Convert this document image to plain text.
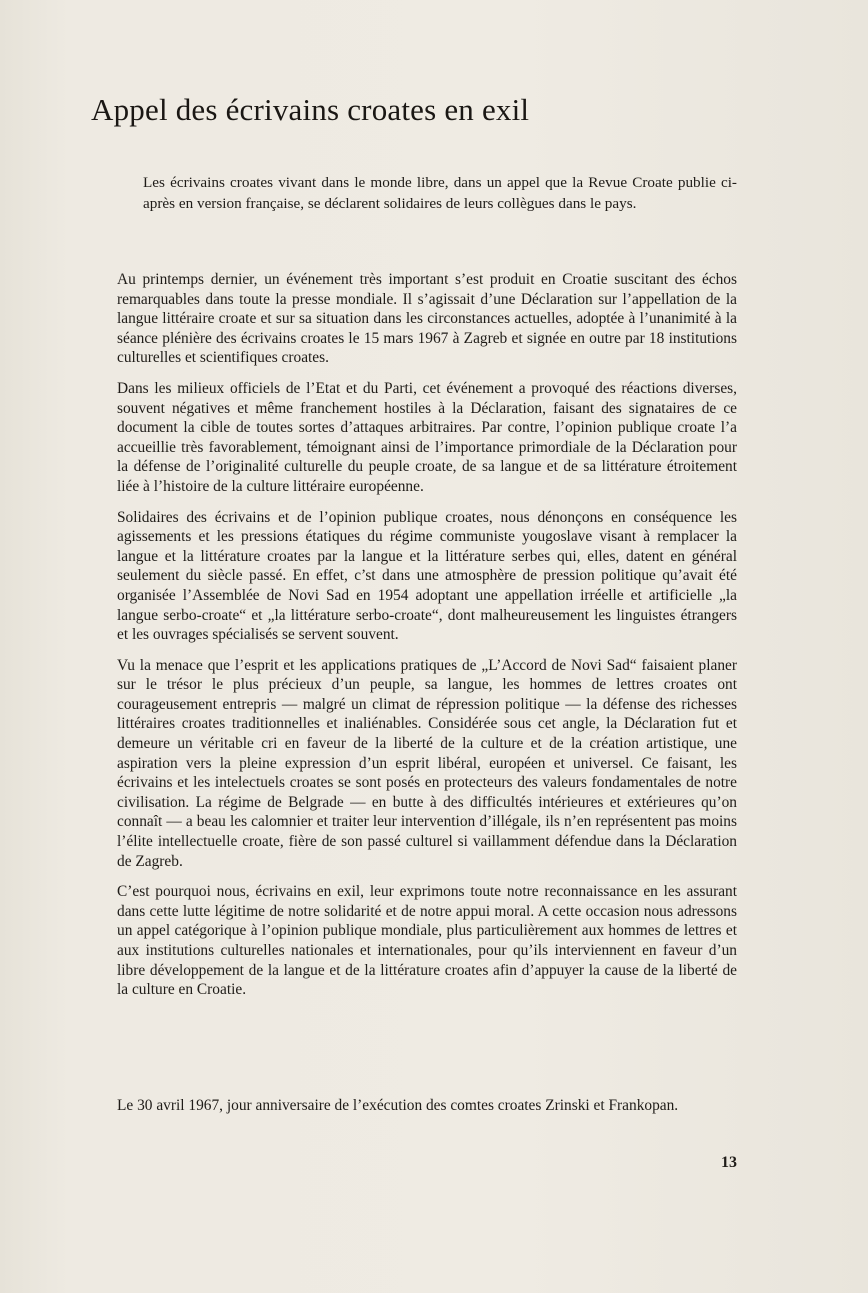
Appel des écrivains croates en exil

Les écrivains croates vivant dans le monde libre, dans un appel que la Revue Croate publie ci-après en version française, se déclarent solidaires de leurs collègues dans le pays.

Au printemps dernier, un événement très important s’est produit en Croatie suscitant des échos remarquables dans toute la presse mondiale. Il s’agissait d’une Déclaration sur l’appellation de la langue littéraire croate et sur sa situation dans les circonstances actuelles, adoptée à l’unanimité à la séance plénière des écrivains croates le 15 mars 1967 à Zagreb et signée en outre par 18 institutions culturelles et scientifiques croates.

Dans les milieux officiels de l’Etat et du Parti, cet événement a provoqué des réactions diverses, souvent négatives et même franchement hostiles à la Déclaration, faisant des signataires de ce document la cible de toutes sortes d’attaques arbitraires. Par contre, l’opinion publique croate l’a accueillie très favorablement, témoignant ainsi de l’importance primordiale de la Déclaration pour la défense de l’originalité culturelle du peuple croate, de sa langue et de sa littérature étroitement liée à l’histoire de la culture littéraire européenne.

Solidaires des écrivains et de l’opinion publique croates, nous dénonçons en conséquence les agissements et les pressions étatiques du régime communiste yougoslave visant à remplacer la langue et la littérature croates par la langue et la littérature serbes qui, elles, datent en général seulement du siècle passé. En effet, c’st dans une atmosphère de pression politique qu’avait été organisée l’Assemblée de Novi Sad en 1954 adoptant une appellation irréelle et artificielle „la langue serbo-croate“ et „la littérature serbo-croate“, dont malheureusement les linguistes étrangers et les ouvrages spécialisés se servent souvent.

Vu la menace que l’esprit et les applications pratiques de „L’Accord de Novi Sad“ faisaient planer sur le trésor le plus précieux d’un peuple, sa langue, les hommes de lettres croates ont courageusement entrepris — malgré un climat de répression politique — la défense des richesses littéraires croates traditionnelles et inaliénables. Considérée sous cet angle, la Déclaration fut et demeure un véritable cri en faveur de la liberté de la culture et de la création artistique, une aspiration vers la pleine expression d’un esprit libéral, européen et universel. Ce faisant, les écrivains et les intelectuels croates se sont posés en protecteurs des valeurs fondamentales de notre civilisation. La régime de Belgrade — en butte à des difficultés intérieures et extérieures qu’on connaît — a beau les calomnier et traiter leur intervention d’illégale, ils n’en représentent pas moins l’élite intellectuelle croate, fière de son passé culturel si vaillamment défendue dans la Déclaration de Zagreb.

C’est pourquoi nous, écrivains en exil, leur exprimons toute notre reconnaissance en les assurant dans cette lutte légitime de notre solidarité et de notre appui moral. A cette occasion nous adressons un appel catégorique à l’opinion publique mondiale, plus particulièrement aux hommes de lettres et aux institutions culturelles nationales et internationales, pour qu’ils interviennent en faveur d’un libre développement de la langue et de la littérature croates afin d’appuyer la cause de la liberté de la culture en Croatie.

Le 30 avril 1967, jour anniversaire de l’exécution des comtes croates Zrinski et Frankopan.

13
